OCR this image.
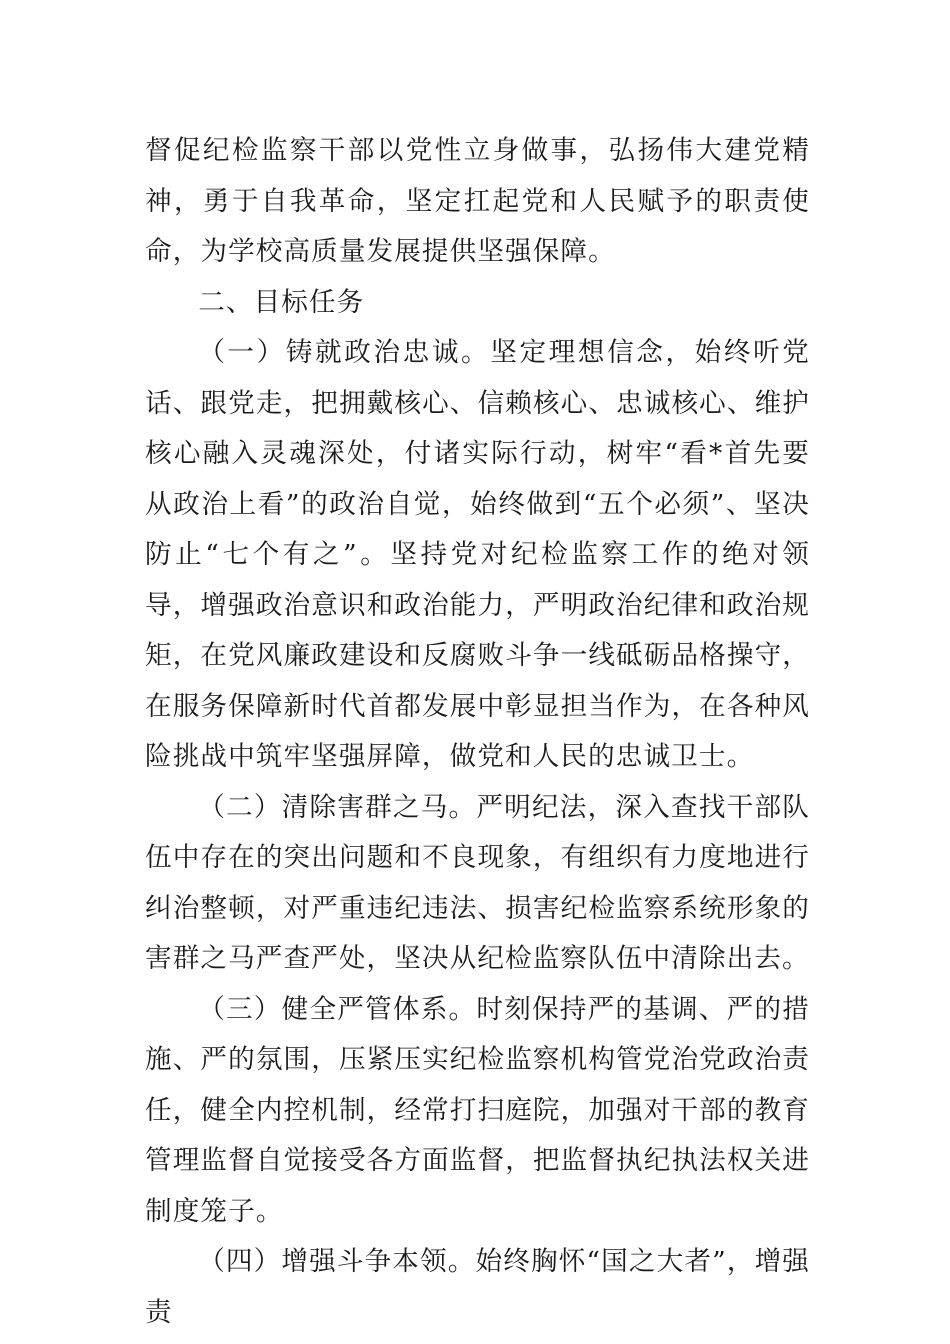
督促纪检监察干部以党性立身做事，弘扬伟大建党精神，勇于自我革命，坚定扛起党和人民赋予的职责使命，为学校高质量发展提供坚强保障。

二、目标任务

（一）铸就政治忠诚。坚定理想信念，始终听党话、跟党走，把拥戴核心、信赖核心、忠诚核心、维护核心融入灵魂深处，付诸实际行动，树牢“看*首先要从政治上看”的政治自觉，始终做到“五个必须”、坚决防止“七个有之”。坚持党对纪检监察工作的绝对领导，增强政治意识和政治能力，严明政治纪律和政治规矩，在党风廉政建设和反腐败斗争一线砥砺品格操守，在服务保障新时代首都发展中彰显担当作为，在各种风险挑战中筑牢坚强屏障，做党和人民的忠诚卫士。

（二）清除害群之马。严明纪法，深入查找干部队伍中存在的突出问题和不良现象，有组织有力度地进行纠治整顿，对严重违纪违法、损害纪检监察系统形象的害群之马严查严处，坚决从纪检监察队伍中清除出去。

（三）健全严管体系。时刻保持严的基调、严的措施、严的氛围，压紧压实纪检监察机构管党治党政治责任，健全内控机制，经常打扫庭院，加强对干部的教育管理监督自觉接受各方面监督，把监督执纪执法权关进制度笼子。

（四）增强斗争本领。始终胸怀“国之大者”，增强责
